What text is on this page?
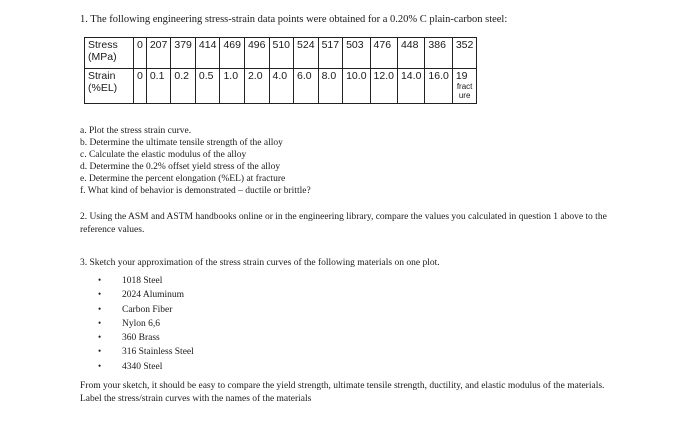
1. The following engineering stress-strain data points were obtained for a 0.20% C plain-carbon steel:
Stress
(MPa)	0	207	379	414	469	496	510	524	517	503	476	448	386	352

Strain
(%EL)	0	0.1	0.2	0.5	1.0	2.0	4.0	6.0	8.0	10.0	12.0	14.0	16.0	19
fract
ure
a. Plot the stress strain curve.
b. Determine the ultimate tensile strength of the alloy
c. Calculate the elastic modulus of the alloy
d. Determine the 0.2% offset yield stress of the alloy
e. Determine the percent elongation (%EL) at fracture
f. What kind of behavior is demonstrated – ductile or brittle?
2. Using the ASM and ASTM handbooks online or in the engineering library, compare the values you calculated in question 1 above to the reference values.
3. Sketch your approximation of the stress strain curves of the following materials on one plot.
• 1018 Steel
• 2024 Aluminum
• Carbon Fiber
• Nylon 6,6
• 360 Brass
• 316 Stainless Steel
• 4340 Steel
From your sketch, it should be easy to compare the yield strength, ultimate tensile strength, ductility, and elastic modulus of the materials. Label the stress/strain curves with the names of the materials
